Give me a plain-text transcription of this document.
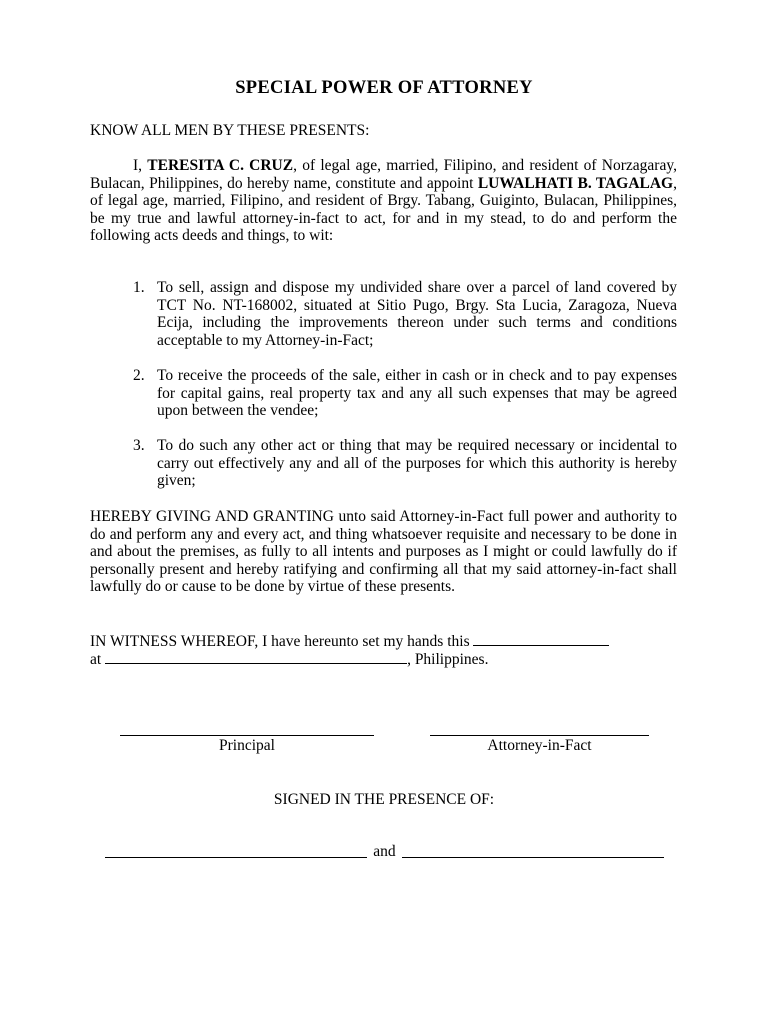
SPECIAL POWER OF ATTORNEY
KNOW ALL MEN BY THESE PRESENTS:
I, TERESITA C. CRUZ, of legal age, married, Filipino, and resident of Norzagaray, Bulacan, Philippines, do hereby name, constitute and appoint LUWALHATI B. TAGALAG, of legal age, married, Filipino, and resident of Brgy. Tabang, Guiginto, Bulacan, Philippines, be my true and lawful attorney-in-fact to act, for and in my stead, to do and perform the following acts deeds and things, to wit:
1. To sell, assign and dispose my undivided share over a parcel of land covered by TCT No. NT-168002, situated at Sitio Pugo, Brgy. Sta Lucia, Zaragoza, Nueva Ecija, including the improvements thereon under such terms and conditions acceptable to my Attorney-in-Fact;
2. To receive the proceeds of the sale, either in cash or in check and to pay expenses for capital gains, real property tax and any all such expenses that may be agreed upon between the vendee;
3. To do such any other act or thing that may be required necessary or incidental to carry out effectively any and all of the purposes for which this authority is hereby given;
HEREBY GIVING AND GRANTING unto said Attorney-in-Fact full power and authority to do and perform any and every act, and thing whatsoever requisite and necessary to be done in and about the premises, as fully to all intents and purposes as I might or could lawfully do if personally present and hereby ratifying and confirming all that my said attorney-in-fact shall lawfully do or cause to be done by virtue of these presents.
IN WITNESS WHEREOF, I have hereunto set my hands this
at	, Philippines.
Principal	Attorney-in-Fact
SIGNED IN THE PRESENCE OF:
and
